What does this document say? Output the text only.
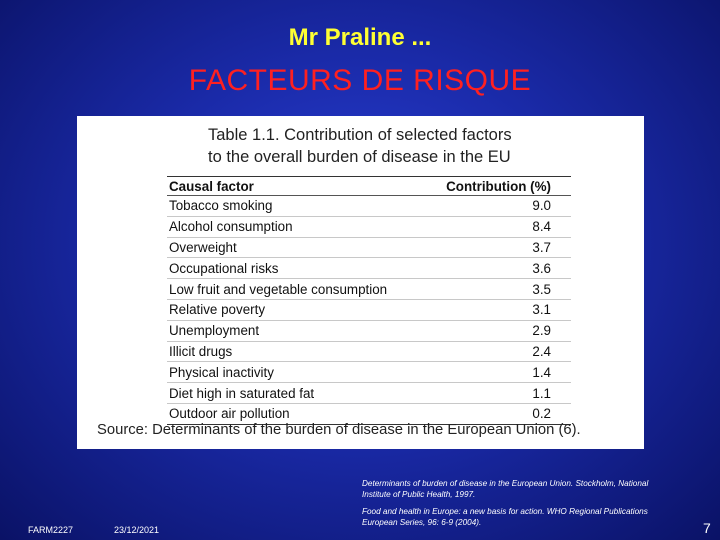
Mr Praline ...
FACTEURS DE RISQUE
Table 1.1. Contribution of selected factors
to the overall burden of disease in the EU
Causal factor	Contribution (%)
Tobacco smoking	9.0
Alcohol consumption	8.4
Overweight	3.7
Occupational risks	3.6
Low fruit and vegetable consumption	3.5
Relative poverty	3.1
Unemployment	2.9
Illicit drugs	2.4
Physical inactivity	1.4
Diet high in saturated fat	1.1
Outdoor air pollution	0.2
Source: Determinants of the burden of disease in the European Union (6).
Determinants of burden of disease in the European Union. Stockholm, National Institute of Public Health, 1997.
Food and health in Europe: a new basis for action. WHO Regional Publications European Series, 96: 6-9 (2004).
FARM2227	23/12/2021	7
